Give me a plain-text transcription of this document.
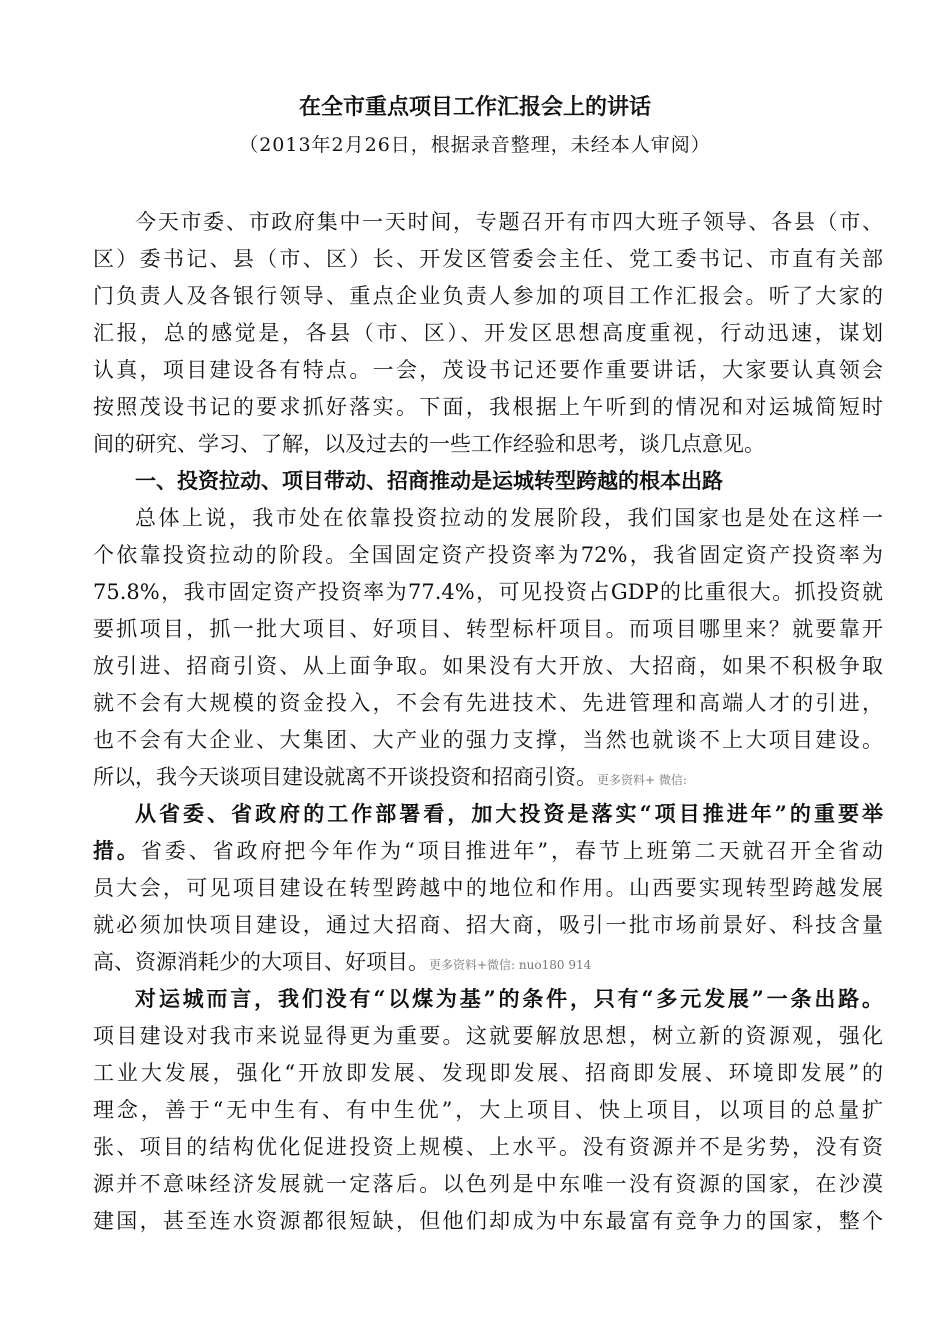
在全市重点项目工作汇报会上的讲话
（2013年2月26日，根据录音整理，未经本人审阅）
今天市委、市政府集中一天时间，专题召开有市四大班子领导、各县（市、
区）委书记、县（市、区）长、开发区管委会主任、党工委书记、市直有关部
门负责人及各银行领导、重点企业负责人参加的项目工作汇报会。听了大家的
汇报，总的感觉是，各县（市、区）、开发区思想高度重视，行动迅速，谋划
认真，项目建设各有特点。一会，茂设书记还要作重要讲话，大家要认真领会
按照茂设书记的要求抓好落实。下面，我根据上午听到的情况和对运城简短时
间的研究、学习、了解，以及过去的一些工作经验和思考，谈几点意见。
一、投资拉动、项目带动、招商推动是运城转型跨越的根本出路
总体上说，我市处在依靠投资拉动的发展阶段，我们国家也是处在这样一
个依靠投资拉动的阶段。全国固定资产投资率为72%，我省固定资产投资率为
75.8%，我市固定资产投资率为77.4%，可见投资占GDP的比重很大。抓投资就
要抓项目，抓一批大项目、好项目、转型标杆项目。而项目哪里来？就要靠开
放引进、招商引资、从上面争取。如果没有大开放、大招商，如果不积极争取
就不会有大规模的资金投入，不会有先进技术、先进管理和高端人才的引进，
也不会有大企业、大集团、大产业的强力支撑，当然也就谈不上大项目建设。
所以，我今天谈项目建设就离不开谈投资和招商引资。更多资料+ 微信:
从省委、省政府的工作部署看，加大投资是落实“项目推进年”的重要举
措。省委、省政府把今年作为“项目推进年”，春节上班第二天就召开全省动
员大会，可见项目建设在转型跨越中的地位和作用。山西要实现转型跨越发展
就必须加快项目建设，通过大招商、招大商，吸引一批市场前景好、科技含量
高、资源消耗少的大项目、好项目。更多资料+微信: nuo180 914
对运城而言，我们没有“以煤为基”的条件，只有“多元发展”一条出路。
项目建设对我市来说显得更为重要。这就要解放思想，树立新的资源观，强化
工业大发展，强化“开放即发展、发现即发展、招商即发展、环境即发展”的
理念，善于“无中生有、有中生优”，大上项目、快上项目，以项目的总量扩
张、项目的结构优化促进投资上规模、上水平。没有资源并不是劣势，没有资
源并不意味经济发展就一定落后。以色列是中东唯一没有资源的国家，在沙漠
建国，甚至连水资源都很短缺，但他们却成为中东最富有竞争力的国家，整个
